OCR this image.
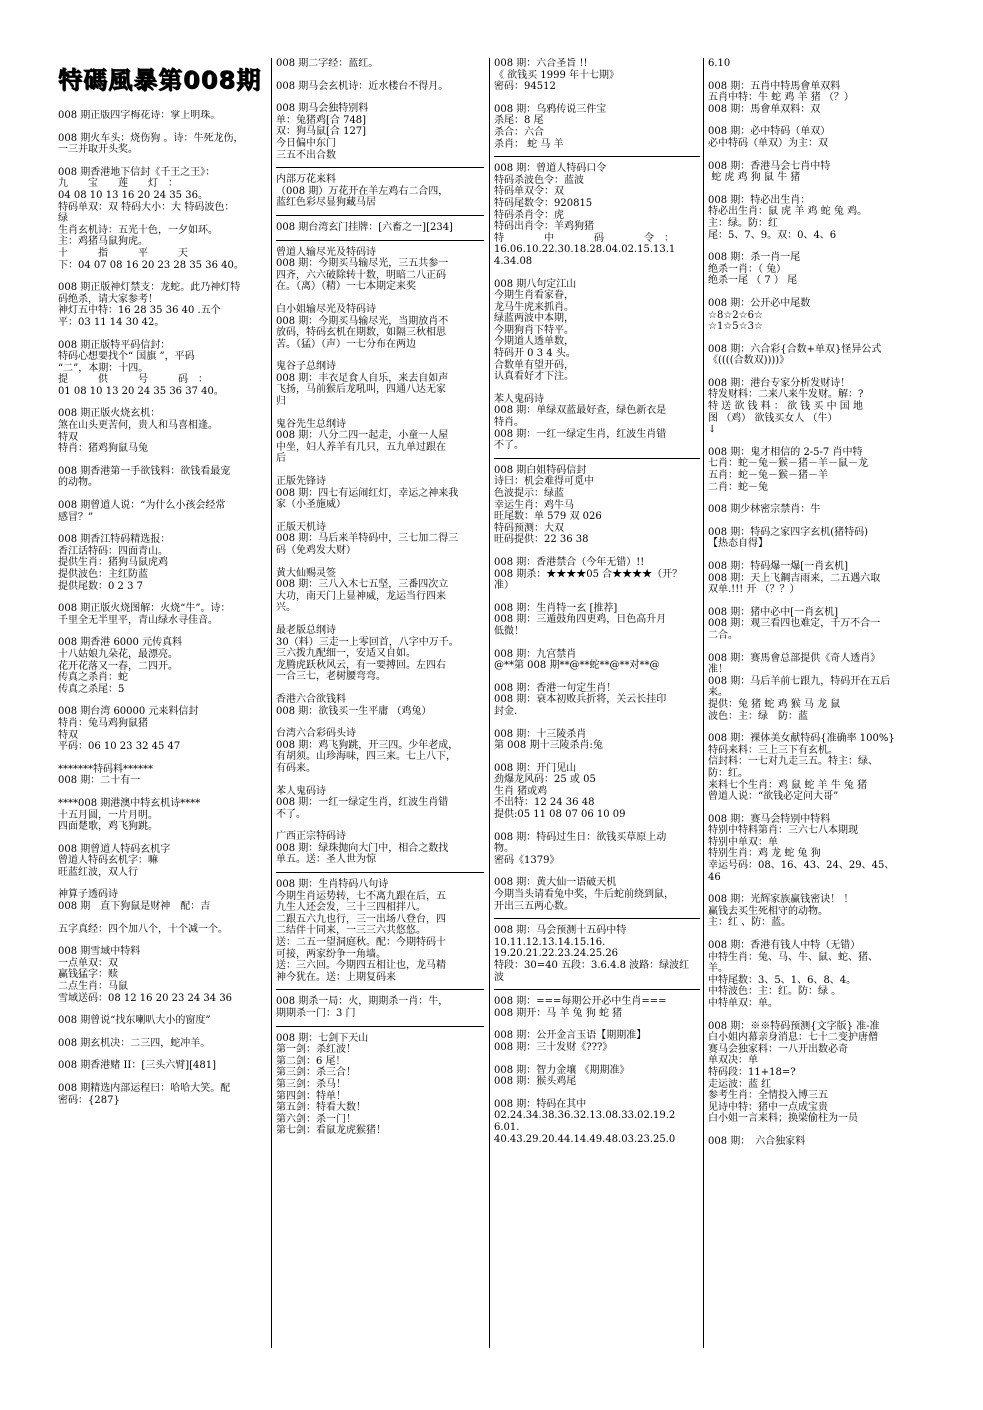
特碼風暴第008期
008 期正版四字梅花诗：掌上明珠。
008 期火车头：烧伤狗 。诗：牛死龙伤，
一三并取开头奖。
008 期香港地下信封《千王之王》：
九　　宝　　莲　　灯　：
04 08 10 13 16 20 24 35 36。
特码单双：双 特码大小：大 特码波色：
绿
生肖玄机诗：五光十色，一夕如环。
主：鸡猪马鼠狗虎。
十　　　指　　　平　　　天
下：04 07 08 16 20 23 28 35 36 40。
008 期正版神灯禁支：龙蛇。此乃神灯特
码绝杀，请大家参考！
神灯五中特：16 28 35 36 40 .五个
平：03 11 14 30 42。
008 期正版特平码信封：
特码心想要找个“ 国旗 ”，平码
“二”，本期：十四。
提　　　供　　　号　　　码　：
01 08 10 13 20 24 35 36 37 40。
008 期正版火烧玄机：
煞在山头更苦何，贵人和马喜相逢。
特双
特肖：猪鸡狗鼠马兔
008 期香港第一手欲钱料：欲钱看最宠
的动物。
008 期曾道人说：“为什么小孩会经常
感冒？”
008 期香江特码精选报：
香江话特码：四面青山。
提供生肖：猪狗马鼠虎鸡
提供波色：主红防蓝
提供尾数：0 2 3 7
008 期正版火烧图解：火烧“牛”。诗：
千里全无半里平，青山绿水寻佳音。
008 期香港 6000 元传真料
十八姑娘九朵花，最漂亮。
花开花落又一春，二四开。
传真之杀肖：蛇
传真之杀尾：5
008 期台湾 60000 元来料信封
特肖：兔马鸡狗鼠猪
特双
平码：06 10 23 32 45 47
*******特码料******
008 期：二十有一
****008 期港澳中特玄机诗****
十五月圆，一片月明。
四面楚歌，鸡飞狗跳。
008 期曾道人特码玄机字
曾道人特码玄机字：嘛
旺蓝红波，双人行
神算子透码诗
008 期　直下狗鼠是财神　配：吉
五字真经：四个加八个，十个减一个。
008 期雪域中特料
一点单双：双
赢钱猛字：赎
二点生肖：马鼠
雪域送码：08 12 16 20 23 24 34 36
008 期曾说“找东喇叭大小的窗度”
008 期玄机决：二三四，蛇冲羊。
008 期香港赌 II：[三头六臂][481]
008 期精选内部运程曰：哈哈大笑。配
密码：{287}
008 期二字经：蓝红。
008 期马会玄机诗：近水楼台不得月。
008 期马会独特别料
单：兔猪鸡[合 748]
双：狗马鼠[合 127]
今日偏中东门
三五不出合数
内部万花来料
（008 期）万花开在羊左鸡右二合四，
蓝红色彩尽显狗藏马居
008 期台湾玄门挂牌：[六畜之一][234]
曾道人输尽光及特码诗
008 期：今期买马输尽光，三五共参一
四齐，六六破除转十数，明暗二八正码
在。（离）（精）一七本期定来奖
白小姐输尽光及特码诗
008 期：今期买马输尽光，当期放肖不
放码，特码玄机在期数，如隔三秋相思
苦。（猛）（声）一七分布在两边
鬼谷子总纲诗
008 期：丰衣足食人自乐，来去自如声
飞扬，马前猴后龙吼叫，四通八达无家
归
鬼谷先生总纲诗
008 期：八分二四一起走，小童一人屋
中坐，妇人养羊有几只，五九单过跟在
后
正版先锋诗
008 期：四七有运闹红灯，幸运之神来我
家（小圣施威）
正版天机诗
008 期：马后来羊特码中，三七加二得三
码（免鸡发大财）
黄大仙赐灵签
008 期：三八入木七五坚，三番四次立
大功，南天门上显神威，龙运当行四来
兴。
最老版总纲诗
30（料）三走一上零回首，八字中万千。
三六拨九配细一，安适又自如。
龙腾虎跃秋风云，有一要搏回。左四右
一合三七，老树腰弯弯。
香港六合欲钱料
008 期：欲钱买一生平庸 （鸡兔）
台湾六合彩码头诗
008 期：鸡飞狗跳，开三四。少年老成，
有胡须。山珍海味，四三来。七上八下，
有码来。
苯人鬼码诗
008 期：一红一绿定生肖，红波生肖错
不了。
广西正宗特码诗
008 期：绿珠抛向大门中，相合之数找
单五。送：圣人世为惊
008 期：生肖特码八句诗
今期生肖运势转，七不离九跟在后，五
九生人还会发，三十三四相拌八。
二跟五六九也行，三一出场八登台，四
二结伴十同来，一三三六共悠悠。
送：二五一望洞庭秋。配：今期特码十
可接，两家纷争一角墙。
送：三六回。今期四五相让也，龙马精
神今犹在。送：上期复码来
008 期杀一局：火，期期杀一肖：牛，
期期杀一门：3 门
008 期：七剑下天山
第一剑：杀红波！
第二剑：6 尾！
第三剑：杀三合！
第三剑：杀马！
第四剑：特单！
第五剑：特看大数！
第六剑：杀一门！
第七剑：看鼠龙虎猴猪！
008 期：六合圣旨 !!
《 欲钱买 1999 年十七期》
密码：94512
008 期：乌鸦传说三件宝
杀尾：8 尾
杀合：六合
杀肖： 蛇 马 羊
008 期：曾道人特码口令
特码杀波色令：蓝波
特码单双令：双
特码尾数令：920815
特码杀肖令：虎
特码出肖令：羊鸡狗猪
特　　　　中　　　　码　　　　令　：
16.06.10.22.30.18.28.04.02.15.13.1
4.34.08
008 期八句定江山
今期生肖看家眷，
龙马牛虎来抓肖。
绿蓝两波中本期，
今期狗肖下特平。
今期道人透单数，
特码开 0 3 4 头。
合数单有望开码，
认真看好才下注。
苯人鬼码诗
008 期：单绿双蓝最好查，绿色新衣是
特肖。
008 期：一红一绿定生肖，红波生肖错
不了。
008 期白姐特码信封
诗曰：机会难得可觅中
色波提示：绿蓝
幸运生肖：鸡牛马
旺尾数：单 579 双 026
特码预测：大双
旺码提供：22 36 38
008 期：香港禁合（今年无错）!!
008 期杀：★★★★05 合★★★★（开？
准）
008 期：生肖特一玄 [推荐]
008 期：三遁鼓角四更鸡，日色高升月
低微！
008 期：九宫禁肖
@**第 008 期**@**蛇**@**对**@
008 期：香港一句定生肖！
008 期：衰本初败兵折将，关云长挂印
封金.
008 期：十三陵杀肖
第 008 期十三陵杀肖:兔
008 期：开门见山
劲爆龙风码：25 或 05
生肖 猪或鸡
不出特：12 24 36 48
提供:05 11 08 07 06 10 09
008 期：特码过生日：欲钱买草原上动
物。
密码《1379》
008 期：黄大仙一语破天机
今期当头请看兔中奖，牛后蛇前绕到鼠，
开出三五两心数。
008 期：马会预测十五码中特
10.11.12.13.14.15.16.
19.20.21.22.23.24.25.26
特段：30=40 五段：3.6.4.8 波路：绿波红
波
008 期：===每期公开必中生肖===
008 期开：马 羊 兔 狗 蛇 猪
008 期：公开金言玉语【期期准】
008 期：三十发财《???》
008 期：智力金壤 《期期准》
008 期：猴头鸡尾
008 期：特码在其中
02.24.34.38.36.32.13.08.33.02.19.2
6.01.
40.43.29.20.44.14.49.48.03.23.25.0
6.10
008 期：五肖中特馬會单双料
五肖中特：牛 蛇 鸡 羊 猪 （？）
008 期：馬會单双料：双
008 期：必中特码（单双）
必中特码（单双）为主：双
008 期：香港马会七肖中特
蛇 虎 鸡 狗 鼠 牛 猪
008 期：特必出生肖：
特必出生肖：鼠 虎 羊 鸡 蛇 兔 鸡。
主：绿。防：红
尾：5、7、9。双：0、4、6
008 期：杀一肖一尾
绝杀一肖：（ 兔）
绝杀一尾 （ 7 ） 尾
008 期：公开必中尾数
☆8☆2☆6☆
☆1☆5☆3☆
008 期：六合彩{合数+单双}怪异公式
《((((合数双))))》
008 期：港台专家分析发财诗！
特发财料：二来八来牛发财。解：?
特 送 欲 钱 料 ： 欲 钱 买 中 国 地
图 （鸡） 欲钱买女人 （牛）
↓
008 期：鬼才相信的 2-5-7 肖中特
七肖：蛇－兔－猴－猪－羊－鼠－龙
五肖：蛇－兔－猴－猪－羊
二肖：蛇－兔
008 期少林密宗禁肖：牛
008 期：特码之家四字玄机(猪特码)
【热态自得】
008 期：特码爆一爆[一肖玄机]
008 期：天上飞鋼吉雨来，二五遇六取
双单.!!! 开 （？？）
008 期：猪中必中[一肖玄机]
008 期：观三看四也难定，千万不合一
二合。
008 期：赛馬會总部提供《奇人透肖》
准！
008 期：马后羊前七跟九，特码开在五后
来。
提供：兔 猪 蛇 鸡 猴 马 龙 鼠
波色：主：绿　防：蓝
008 期：裸体美女献特码{准确率 100%}
特码来料：三上三下有玄机。
信封料：一七对九走三五。特主：绿、
防：红。
来料七个生肖：鸡 鼠 蛇 羊 牛 兔 猪
曾道人说：“欲钱必定问大哥”
008 期：赛马会特别中特料
特别中特料第肖：三六七八本期现
特别中单双：单
特别生肖：鸡 龙 蛇 兔 狗
幸运号码：08、16、43、24、29、45、
46
008 期：光辉家族赢钱密诀！ ！
赢钱去买生死相守的动物。
主：红 、防：蓝。
008 期：香港有钱人中特（无错）
中特生肖：兔、马、牛、鼠、蛇、猪、
羊。
中特尾数：3、5、1、6、8、4。
中特波色：主：红。防：绿 。
中特单双：单。
008 期：※※特码预测{文字版} 准-准
白小姐内幕亲身消息：七十二变护唐僧
赛马会独家料：一八开出数必奇
单双决：单
特码段：11+18=?
走运波：蓝 红
参考生肖：全情投入博三五
见诗中特：猪中一点成宝贵
白小姐一言来料；换梁偷柱为一员
008 期：　六合独家料
